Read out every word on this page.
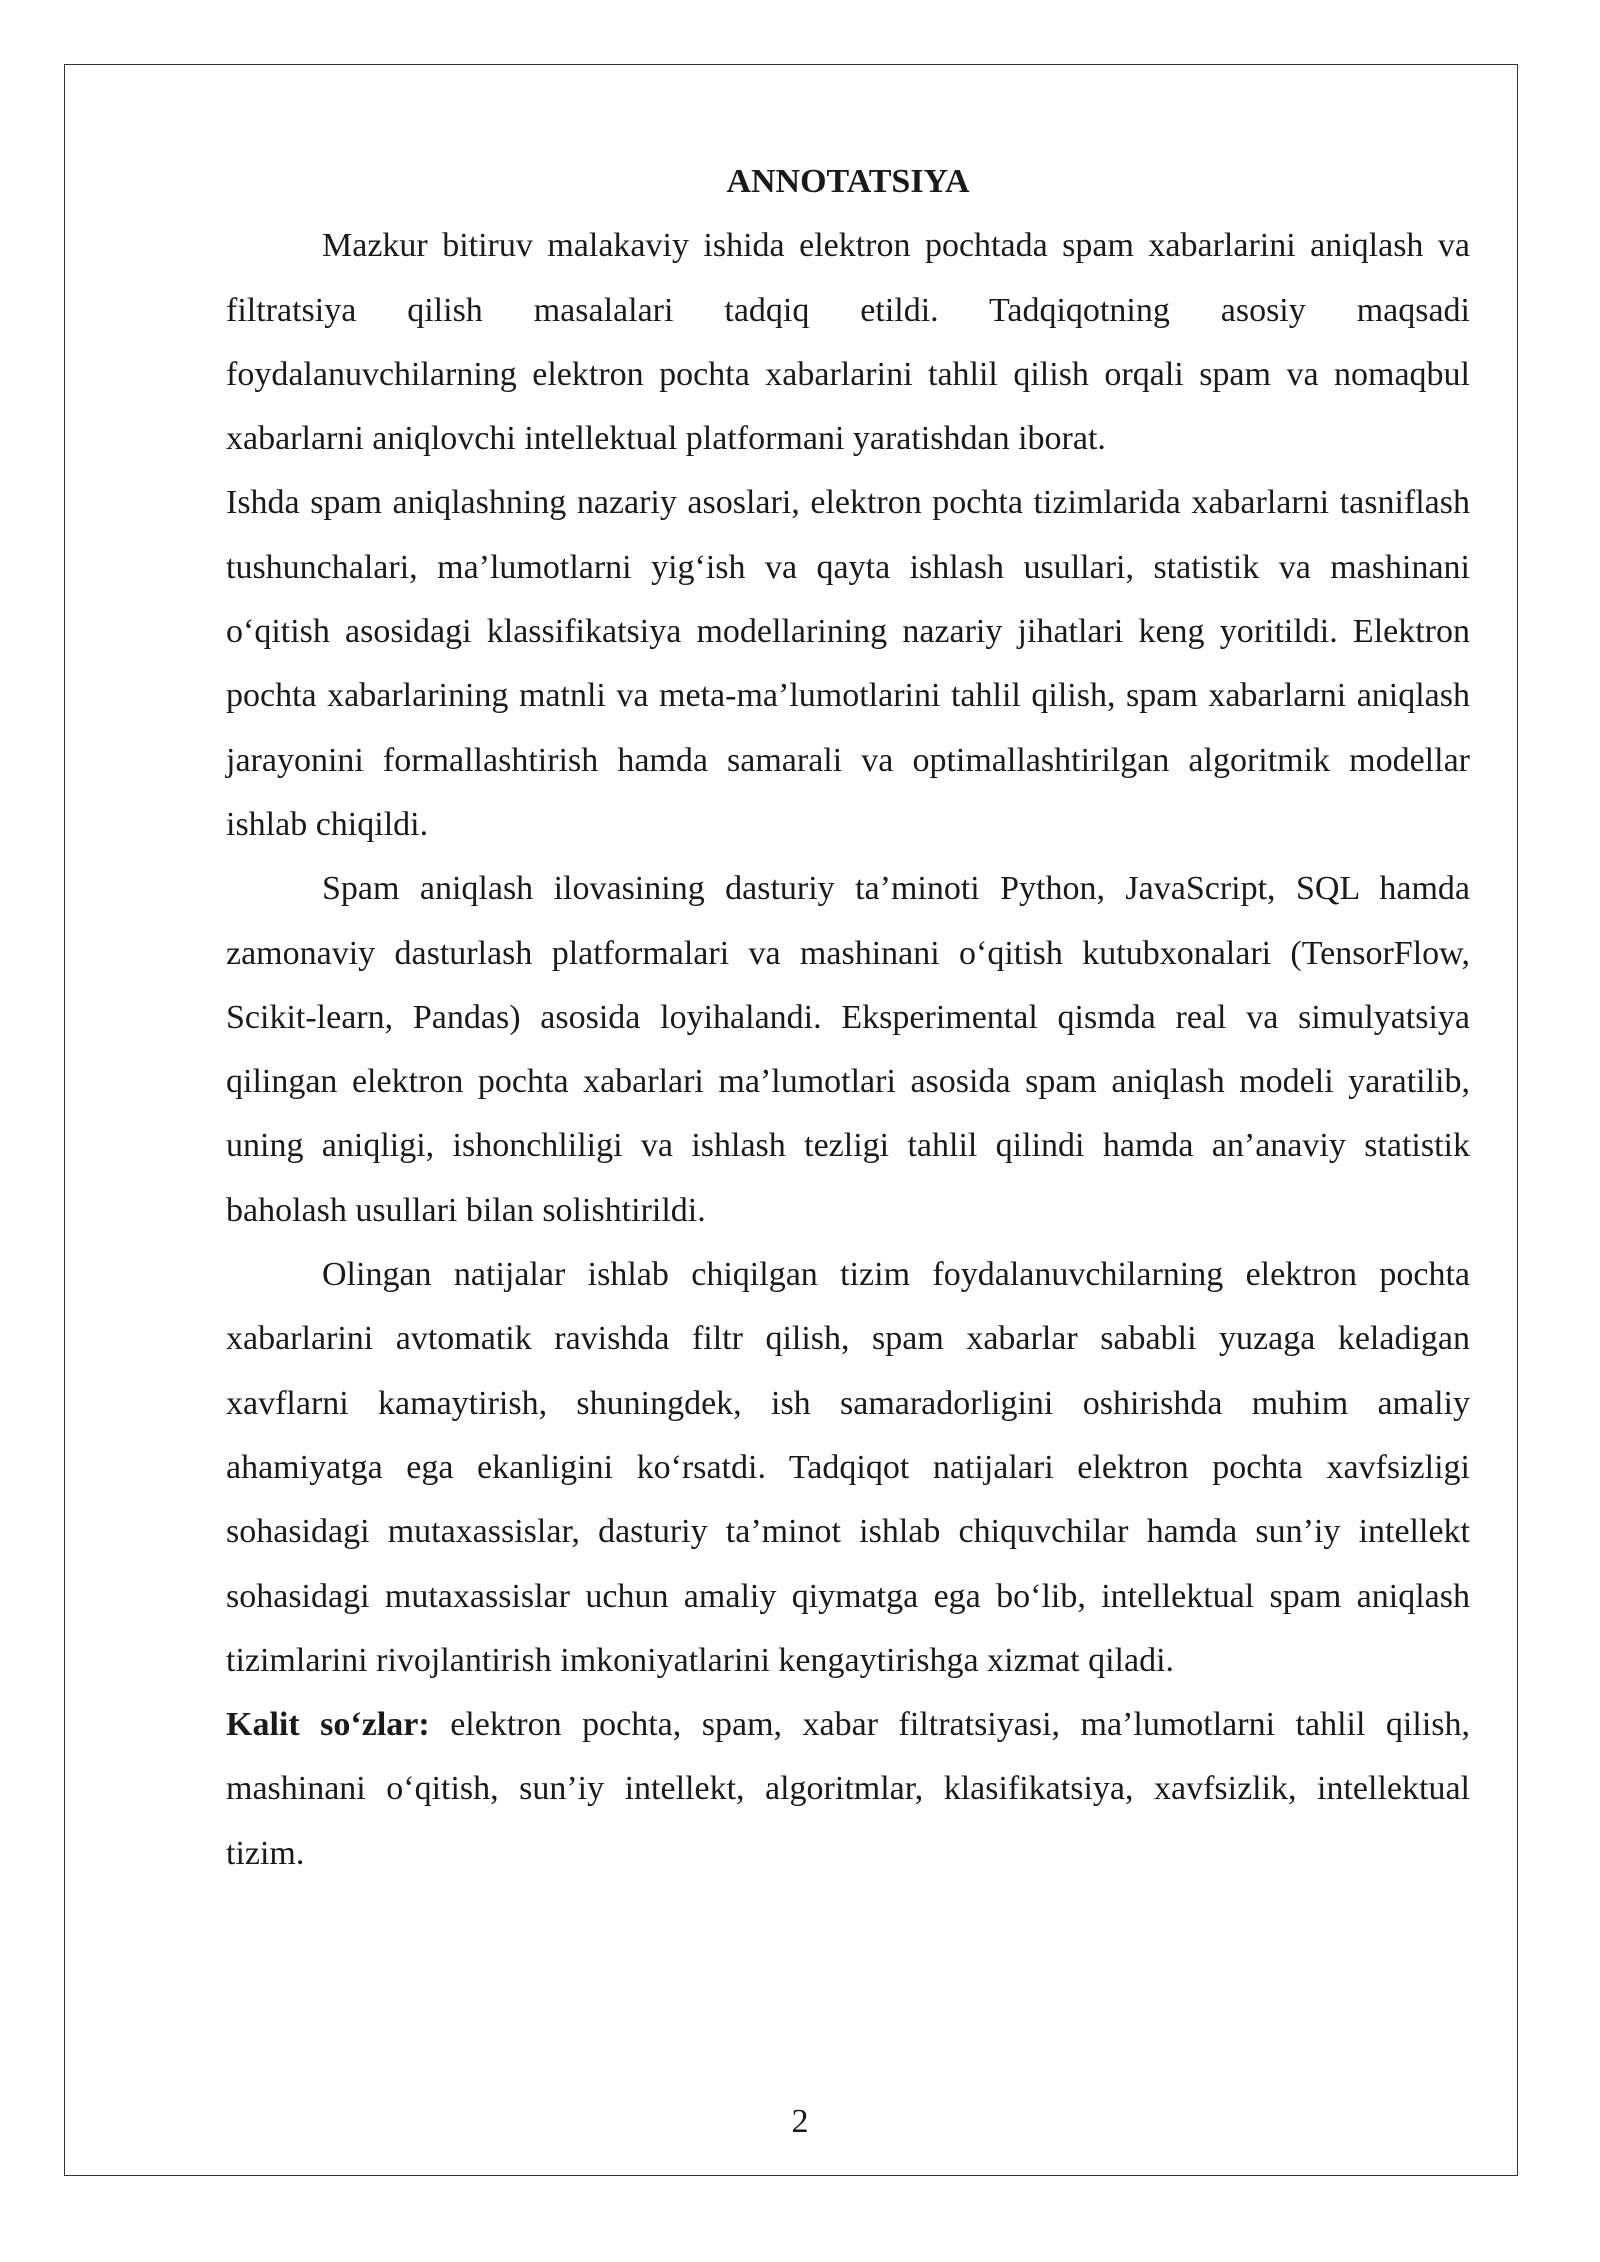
ANNOTATSIYA

Mazkur bitiruv malakaviy ishida elektron pochtada spam xabarlarini aniqlash va filtratsiya qilish masalalari tadqiq etildi. Tadqiqotning asosiy maqsadi foydalanuvchilarning elektron pochta xabarlarini tahlil qilish orqali spam va nomaqbul xabarlarni aniqlovchi intellektual platformani yaratishdan iborat.

Ishda spam aniqlashning nazariy asoslari, elektron pochta tizimlarida xabarlarni tasniflash tushunchalari, ma’lumotlarni yig‘ish va qayta ishlash usullari, statistik va mashinani o‘qitish asosidagi klassifikatsiya modellarining nazariy jihatlari keng yoritildi. Elektron pochta xabarlarining matnli va meta-ma’lumotlarini tahlil qilish, spam xabarlarni aniqlash jarayonini formallashtirish hamda samarali va optimallashtirilgan algoritmik modellar ishlab chiqildi.

Spam aniqlash ilovasining dasturiy ta’minoti Python, JavaScript, SQL hamda zamonaviy dasturlash platformalari va mashinani o‘qitish kutubxonalari (TensorFlow, Scikit-learn, Pandas) asosida loyihalandi. Eksperimental qismda real va simulyatsiya qilingan elektron pochta xabarlari ma’lumotlari asosida spam aniqlash modeli yaratilib, uning aniqligi, ishonchliligi va ishlash tezligi tahlil qilindi hamda an’anaviy statistik baholash usullari bilan solishtirildi.

Olingan natijalar ishlab chiqilgan tizim foydalanuvchilarning elektron pochta xabarlarini avtomatik ravishda filtr qilish, spam xabarlar sababli yuzaga keladigan xavflarni kamaytirish, shuningdek, ish samaradorligini oshirishda muhim amaliy ahamiyatga ega ekanligini ko‘rsatdi. Tadqiqot natijalari elektron pochta xavfsizligi sohasidagi mutaxassislar, dasturiy ta’minot ishlab chiquvchilar hamda sun’iy intellekt sohasidagi mutaxassislar uchun amaliy qiymatga ega bo‘lib, intellektual spam aniqlash tizimlarini rivojlantirish imkoniyatlarini kengaytirishga xizmat qiladi.

Kalit so‘zlar: elektron pochta, spam, xabar filtratsiyasi, ma’lumotlarni tahlil qilish, mashinani o‘qitish, sun’iy intellekt, algoritmlar, klasifikatsiya, xavfsizlik, intellektual tizim.

2
